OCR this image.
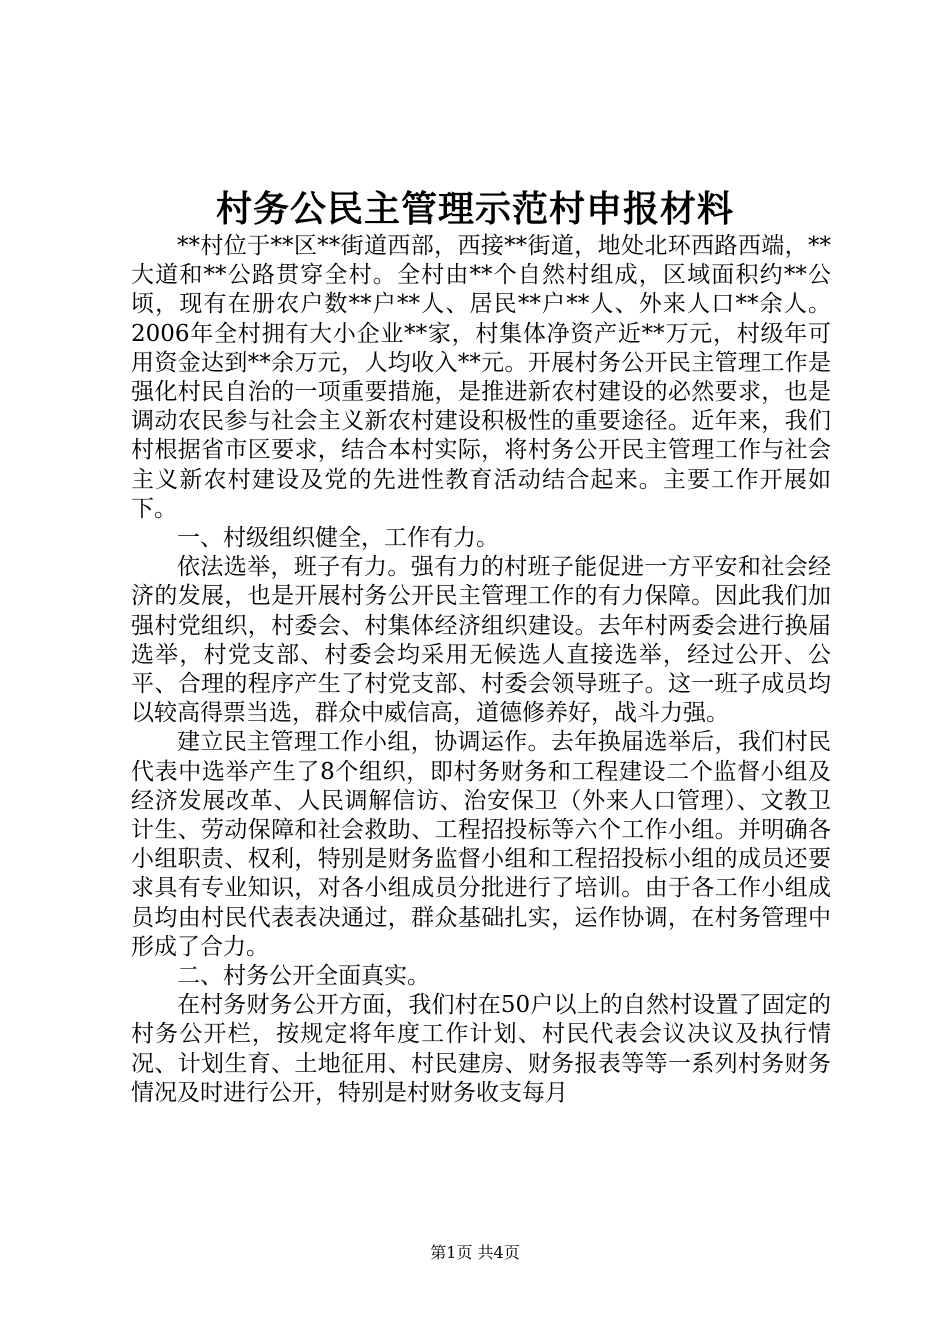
村务公民主管理示范村申报材料

**村位于**区**街道西部，西接**街道，地处北环西路西端，**大道和**公路贯穿全村。全村由**个自然村组成，区域面积约**公顷，现有在册农户数**户**人、居民**户**人、外来人口**余人。2006年全村拥有大小企业**家，村集体净资产近**万元，村级年可用资金达到**余万元，人均收入**元。开展村务公开民主管理工作是强化村民自治的一项重要措施，是推进新农村建设的必然要求，也是调动农民参与社会主义新农村建设积极性的重要途径。近年来，我们村根据省市区要求，结合本村实际，将村务公开民主管理工作与社会主义新农村建设及党的先进性教育活动结合起来。主要工作开展如下。

一、村级组织健全，工作有力。

依法选举，班子有力。强有力的村班子能促进一方平安和社会经济的发展，也是开展村务公开民主管理工作的有力保障。因此我们加强村党组织，村委会、村集体经济组织建设。去年村两委会进行换届选举，村党支部、村委会均采用无候选人直接选举，经过公开、公平、合理的程序产生了村党支部、村委会领导班子。这一班子成员均以较高得票当选，群众中威信高，道德修养好，战斗力强。

建立民主管理工作小组，协调运作。去年换届选举后，我们村民代表中选举产生了8个组织，即村务财务和工程建设二个监督小组及经济发展改革、人民调解信访、治安保卫（外来人口管理）、文教卫计生、劳动保障和社会救助、工程招投标等六个工作小组。并明确各小组职责、权利，特别是财务监督小组和工程招投标小组的成员还要求具有专业知识，对各小组成员分批进行了培训。由于各工作小组成员均由村民代表表决通过，群众基础扎实，运作协调，在村务管理中形成了合力。

二、村务公开全面真实。

在村务财务公开方面，我们村在50户以上的自然村设置了固定的村务公开栏，按规定将年度工作计划、村民代表会议决议及执行情况、计划生育、土地征用、村民建房、财务报表等等一系列村务财务情况及时进行公开，特别是村财务收支每月

第1页 共4页
